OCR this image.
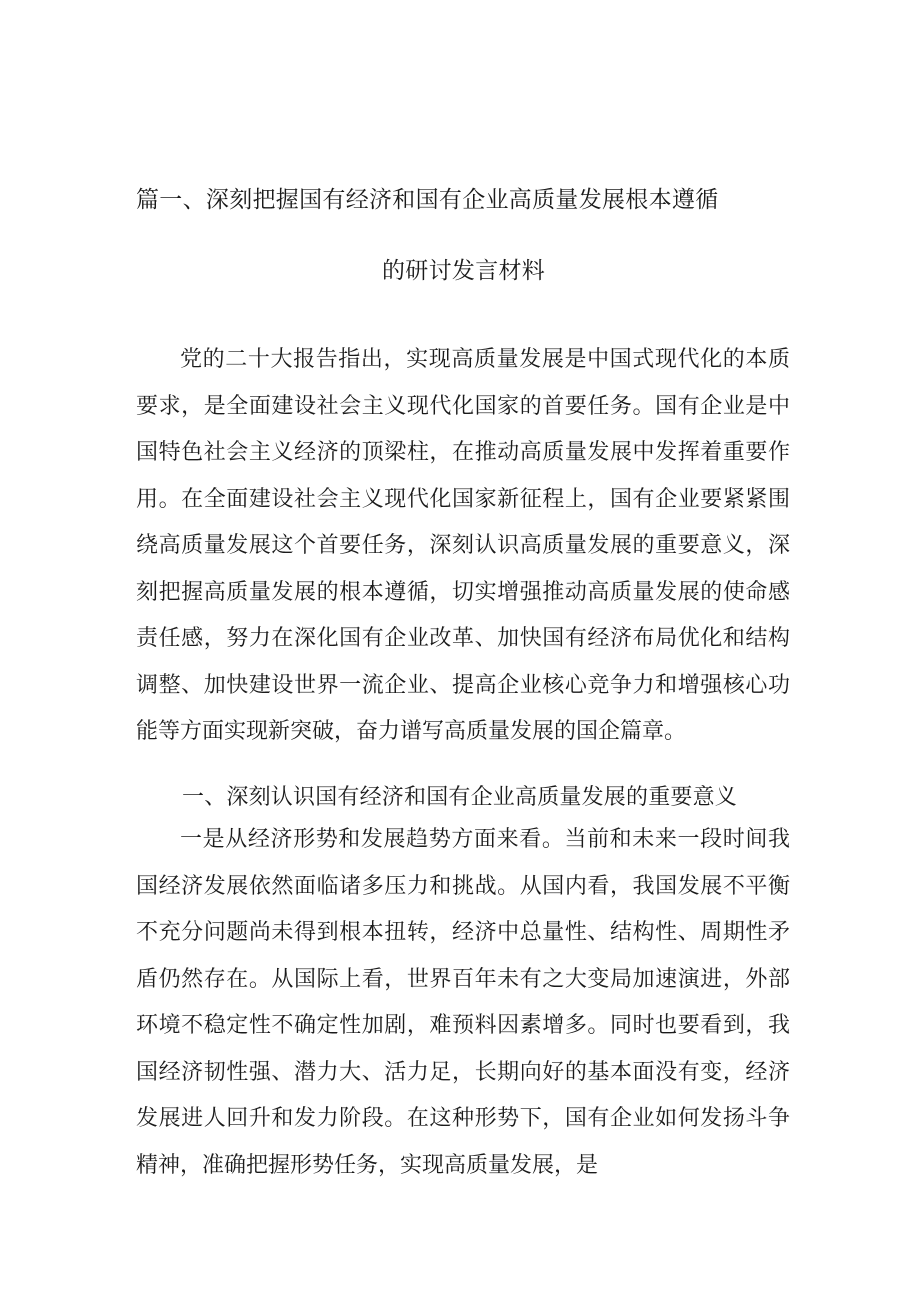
篇一、深刻把握国有经济和国有企业高质量发展根本遵循
的研讨发言材料

党的二十大报告指出，实现高质量发展是中国式现代化的本质要求，是全面建设社会主义现代化国家的首要任务。国有企业是中国特色社会主义经济的顶梁柱，在推动高质量发展中发挥着重要作用。在全面建设社会主义现代化国家新征程上，国有企业要紧紧围绕高质量发展这个首要任务，深刻认识高质量发展的重要意义，深刻把握高质量发展的根本遵循，切实增强推动高质量发展的使命感责任感，努力在深化国有企业改革、加快国有经济布局优化和结构调整、加快建设世界一流企业、提高企业核心竞争力和增强核心功能等方面实现新突破，奋力谱写高质量发展的国企篇章。

一、深刻认识国有经济和国有企业高质量发展的重要意义

一是从经济形势和发展趋势方面来看。当前和未来一段时间我国经济发展依然面临诸多压力和挑战。从国内看，我国发展不平衡不充分问题尚未得到根本扭转，经济中总量性、结构性、周期性矛盾仍然存在。从国际上看，世界百年未有之大变局加速演进，外部环境不稳定性不确定性加剧，难预料因素增多。同时也要看到，我国经济韧性强、潜力大、活力足，长期向好的基本面没有变，经济发展进人回升和发力阶段。在这种形势下，国有企业如何发扬斗争精神，准确把握形势任务，实现高质量发展，是
